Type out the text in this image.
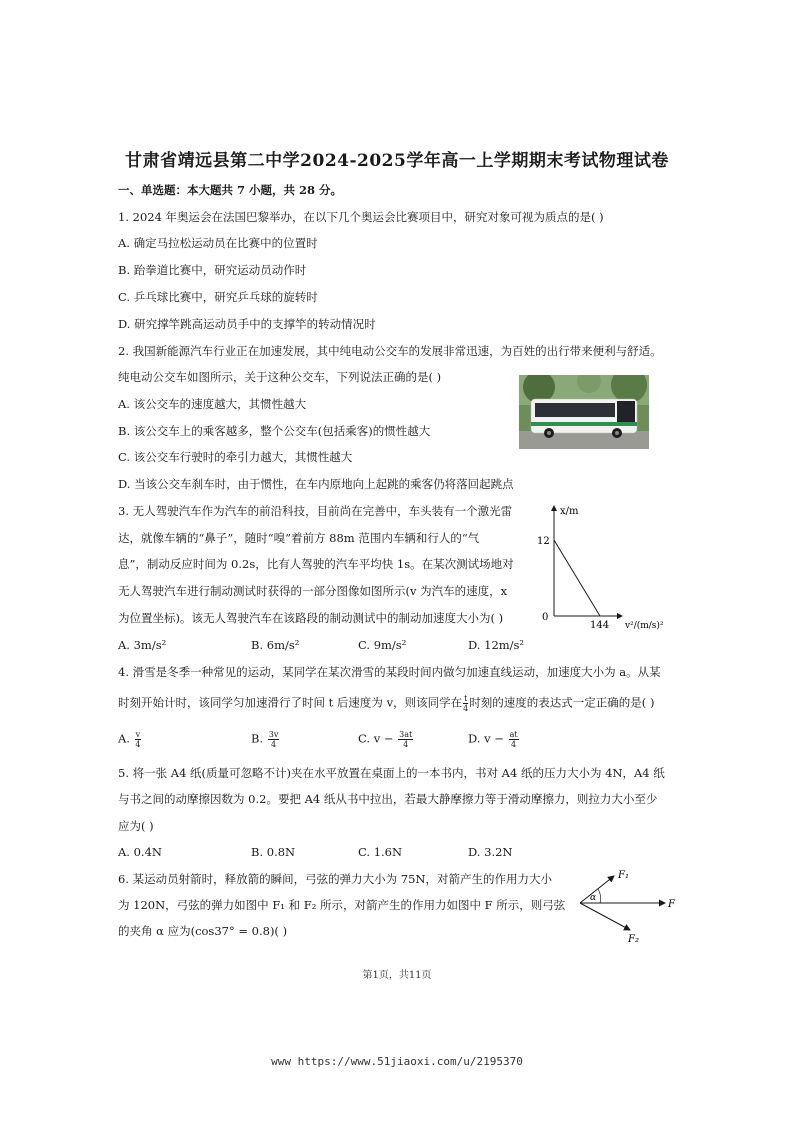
甘肃省靖远县第二中学2024-2025学年高一上学期期末考试物理试卷
一、单选题：本大题共 7 小题，共 28 分。
1. 2024 年奥运会在法国巴黎举办，在以下几个奥运会比赛项目中，研究对象可视为质点的是( )
A. 确定马拉松运动员在比赛中的位置时
B. 跆拳道比赛中，研究运动员动作时
C. 乒乓球比赛中，研究乒乓球的旋转时
D. 研究撑竿跳高运动员手中的支撑竿的转动情况时
2. 我国新能源汽车行业正在加速发展，其中纯电动公交车的发展非常迅速，为百姓的出行带来便利与舒适。
纯电动公交车如图所示，关于这种公交车，下列说法正确的是( )
A. 该公交车的速度越大，其惯性越大
B. 该公交车上的乘客越多，整个公交车(包括乘客)的惯性越大
C. 该公交车行驶时的牵引力越大，其惯性越大
D. 当该公交车刹车时，由于惯性，在车内原地向上起跳的乘客仍将落回起跳点
3. 无人驾驶汽车作为汽车的前沿科技，目前尚在完善中，车头装有一个激光雷
达，就像车辆的“鼻子”，随时“嗅”着前方 88m 范围内车辆和行人的“气
息”，制动反应时间为 0.2s，比有人驾驶的汽车平均快 1s。在某次测试场地对
无人驾驶汽车进行制动测试时获得的一部分图像如图所示(v 为汽车的速度，x
为位置坐标)。该无人驾驶汽车在该路段的制动测试中的制动加速度大小为( )
A. 3m/s²	B. 6m/s²	C. 9m/s²	D. 12m/s²
x/m
12
0
144 v²/(m/s)²
4. 滑雪是冬季一种常见的运动，某同学在某次滑雪的某段时间内做匀加速直线运动，加速度大小为 a。从某
时刻开始计时，该同学匀加速滑行了时间 t 后速度为 v，则该同学在 $\frac{t}{4}$ 时刻的速度的表达式一定正确的是( )
A. $\frac{v}{4}$	B. $\frac{3v}{4}$	C. $v - \frac{3at}{4}$	D. $v - \frac{at}{4}$
5. 将一张 A4 纸(质量可忽略不计)夹在水平放置在桌面上的一本书内，书对 A4 纸的压力大小为 4N，A4 纸
与书之间的动摩擦因数为 0.2。要把 A4 纸从书中拉出，若最大静摩擦力等于滑动摩擦力，则拉力大小至少
应为( )
A. 0.4N	B. 0.8N	C. 1.6N	D. 3.2N
6. 某运动员射箭时，释放箭的瞬间，弓弦的弹力大小为 75N，对箭产生的作用力大小
为 120N，弓弦的弹力如图中 F₁ 和 F₂ 所示，对箭产生的作用力如图中 F 所示，则弓弦
的夹角 α 应为(cos37° = 0.8)( )
F₁
F
F₂
α
第1页，共11页
www https://www.51jiaoxi.com/u/2195370
